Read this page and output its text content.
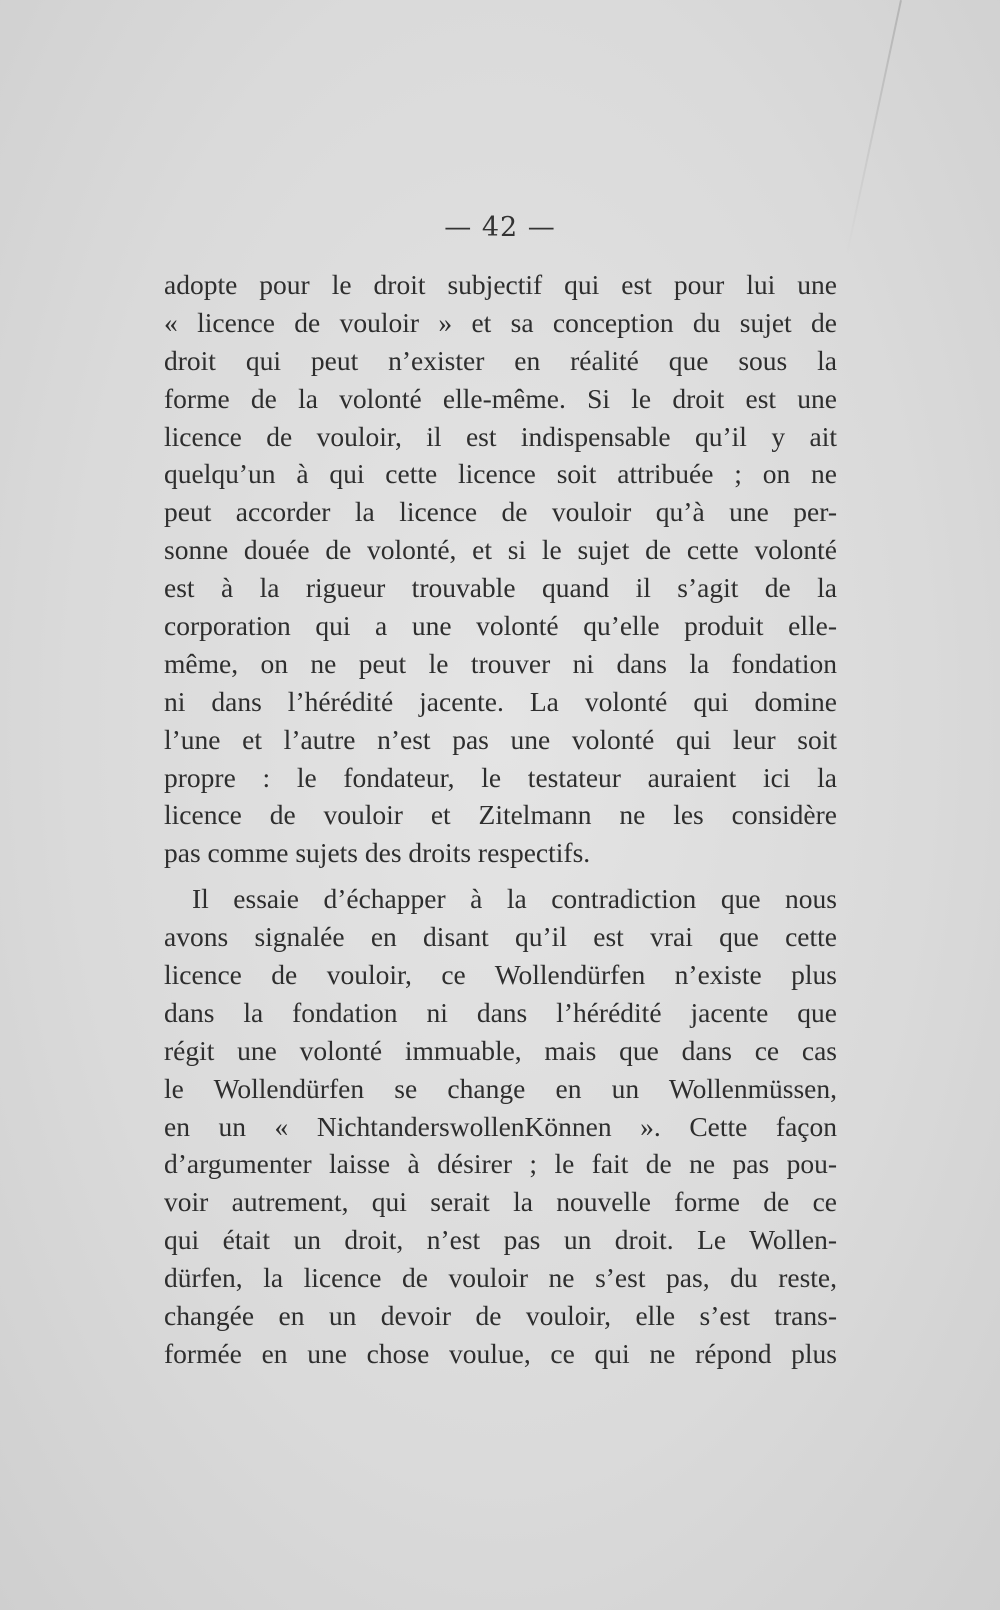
— 42 —
adopte pour le droit subjectif qui est pour lui une
« licence de vouloir » et sa conception du sujet de
droit qui peut n’exister en réalité que sous la
forme de la volonté elle-même. Si le droit est une
licence de vouloir, il est indispensable qu’il y ait
quelqu’un à qui cette licence soit attribuée ; on ne
peut accorder la licence de vouloir qu’à une per-
sonne douée de volonté, et si le sujet de cette volonté
est à la rigueur trouvable quand il s’agit de la
corporation qui a une volonté qu’elle produit elle-
même, on ne peut le trouver ni dans la fondation
ni dans l’hérédité jacente. La volonté qui domine
l’une et l’autre n’est pas une volonté qui leur soit
propre : le fondateur, le testateur auraient ici la
licence de vouloir et Zitelmann ne les considère
pas comme sujets des droits respectifs.
Il essaie d’échapper à la contradiction que nous
avons signalée en disant qu’il est vrai que cette
licence de vouloir, ce Wollendürfen n’existe plus
dans la fondation ni dans l’hérédité jacente que
régit une volonté immuable, mais que dans ce cas
le Wollendürfen se change en un Wollenmüssen,
en un « NichtanderswollenKönnen ». Cette façon
d’argumenter laisse à désirer ; le fait de ne pas pou-
voir autrement, qui serait la nouvelle forme de ce
qui était un droit, n’est pas un droit. Le Wollen-
dürfen, la licence de vouloir ne s’est pas, du reste,
changée en un devoir de vouloir, elle s’est trans-
formée en une chose voulue, ce qui ne répond plus
